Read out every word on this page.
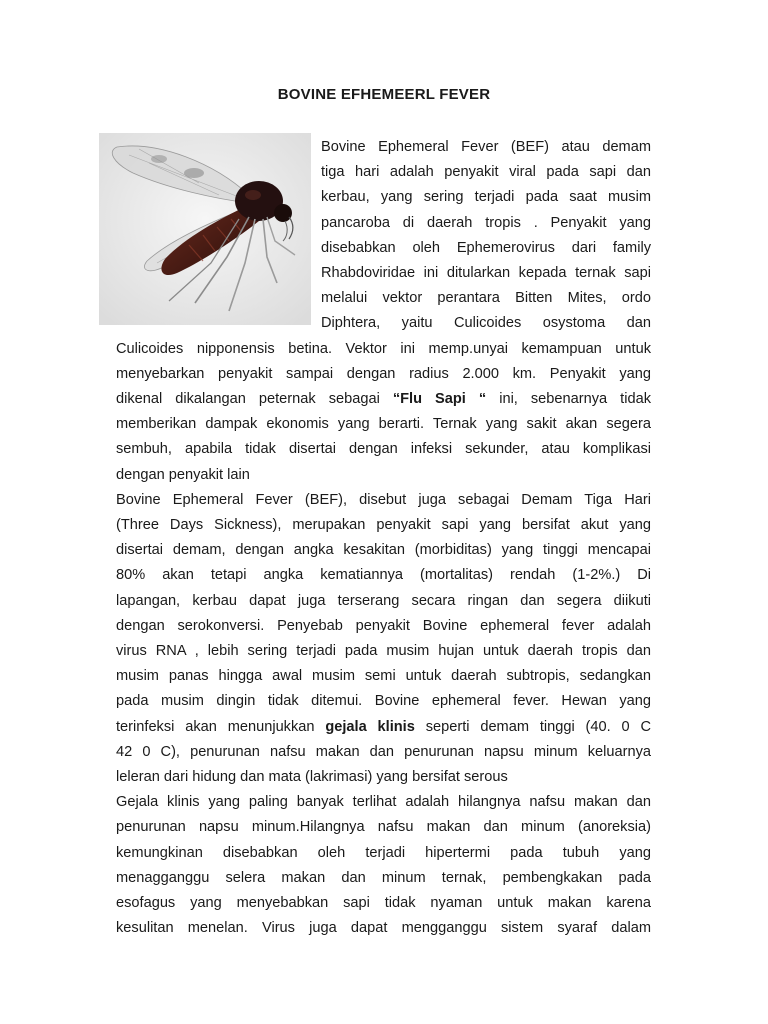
BOVINE EFHEMEERL FEVER
Bovine Ephemeral Fever (BEF) atau demam
tiga hari adalah penyakit viral pada sapi dan
kerbau, yang sering terjadi pada saat musim
pancaroba di daerah tropis . Penyakit yang
disebabkan oleh Ephemerovirus dari family
Rhabdoviridae ini ditularkan kepada ternak sapi
melalui vektor perantara Bitten Mites, ordo
Diphtera, yaitu Culicoides osystoma dan
Culicoides nipponensis betina. Vektor ini memp.unyai kemampuan untuk
menyebarkan penyakit sampai dengan radius 2.000 km. Penyakit yang
dikenal dikalangan peternak sebagai “Flu Sapi “ ini, sebenarnya tidak
memberikan dampak ekonomis yang berarti. Ternak yang sakit akan segera
sembuh, apabila tidak disertai dengan infeksi sekunder, atau komplikasi
dengan penyakit lain
Bovine Ephemeral Fever (BEF), disebut juga sebagai Demam Tiga Hari
(Three Days Sickness), merupakan penyakit sapi yang bersifat akut yang
disertai demam, dengan angka kesakitan (morbiditas) yang tinggi mencapai
80% akan tetapi angka kematiannya (mortalitas) rendah (1-2%.) Di
lapangan, kerbau dapat juga terserang secara ringan dan segera diikuti
dengan serokonversi. Penyebab penyakit Bovine ephemeral fever adalah
virus RNA , lebih sering terjadi pada musim hujan untuk daerah tropis dan
musim panas hingga awal musim semi untuk daerah subtropis, sedangkan
pada musim dingin tidak ditemui. Bovine ephemeral fever. Hewan yang
terinfeksi akan menunjukkan gejala klinis seperti demam tinggi (40. 0 C
42 0 C), penurunan nafsu makan dan penurunan napsu minum keluarnya
leleran dari hidung dan mata (lakrimasi) yang bersifat serous
Gejala klinis yang paling banyak terlihat adalah hilangnya nafsu makan dan
penurunan napsu minum.Hilangnya nafsu makan dan minum (anoreksia)
kemungkinan disebabkan oleh terjadi hipertermi pada tubuh yang
menagganggu selera makan dan minum ternak, pembengkakan pada
esofagus yang menyebabkan sapi tidak nyaman untuk makan karena
kesulitan menelan. Virus juga dapat mengganggu sistem syaraf dalam
